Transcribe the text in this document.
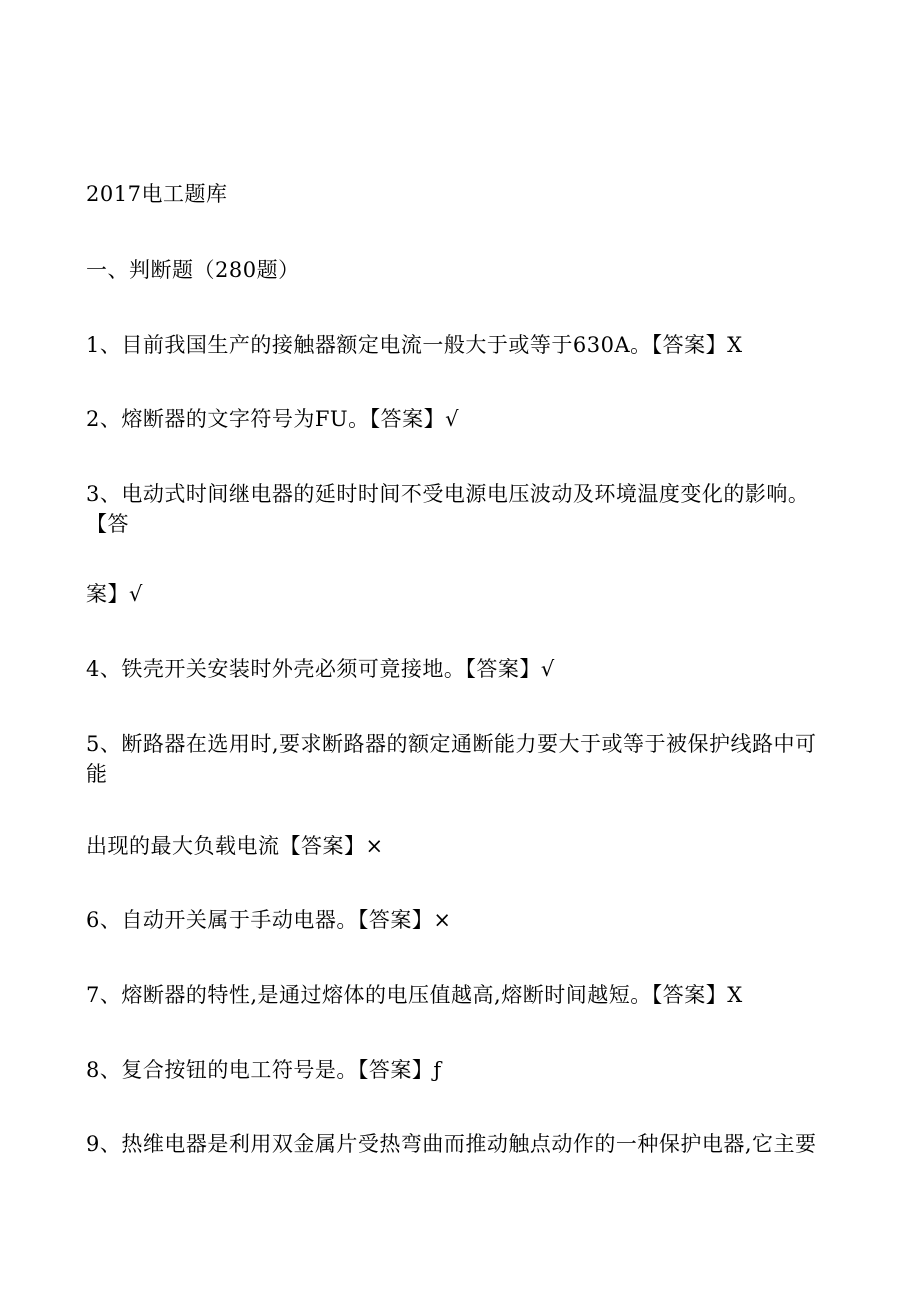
2017电工题库
一、判断题（280题）
1、目前我国生产的接触器额定电流一般大于或等于630A。【答案】X
2、熔断器的文字符号为FU。【答案】√
3、电动式时间继电器的延时时间不受电源电压波动及环境温度变化的影响。
【答
案】√
4、铁壳开关安装时外壳必须可竟接地。【答案】√
5、断路器在选用时,要求断路器的额定通断能力要大于或等于被保护线路中可
能
出现的最大负载电流【答案】×
6、自动开关属于手动电器。【答案】×
7、熔断器的特性,是通过熔体的电压值越高,熔断时间越短。【答案】X
8、复合按钮的电工符号是。【答案】ƒ
9、热维电器是利用双金属片受热弯曲而推动触点动作的一种保护电器,它主要
